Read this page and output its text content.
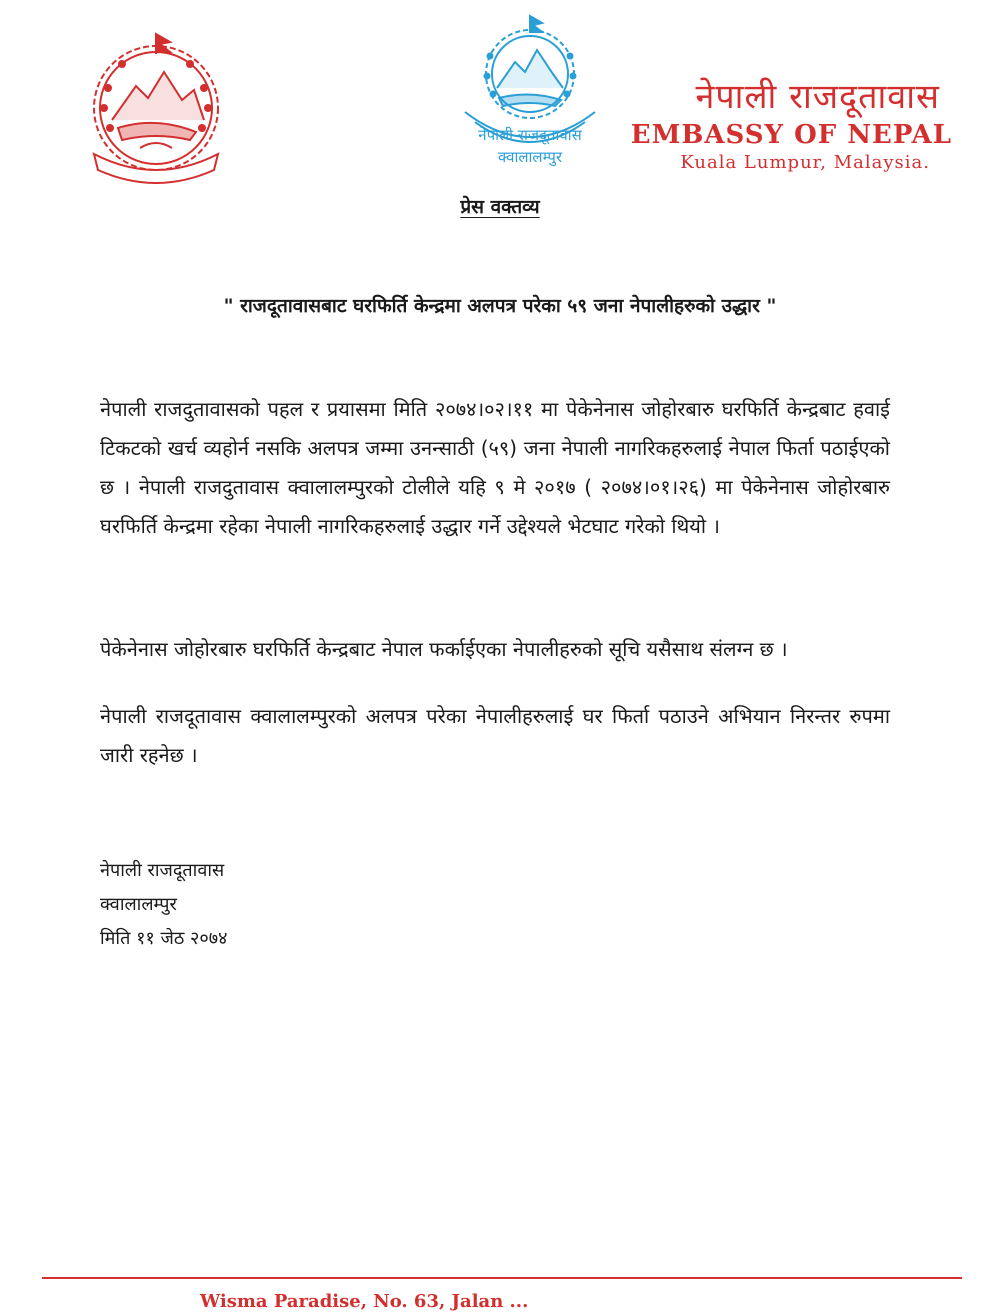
नेपाली राजदूतावास
क्वालालम्पुर
नेपाली राजदूतावास
EMBASSY OF NEPAL
Kuala Lumpur, Malaysia.
प्रेस वक्तव्य
" राजदूतावासबाट घरफिर्ति केन्द्रमा अलपत्र परेका ५९ जना नेपालीहरुको उद्धार "
नेपाली राजदुतावासको पहल र प्रयासमा मिति २०७४।०२।११ मा पेकेनेनास जोहोरबारु घरफिर्ति केन्द्रबाट हवाई टिकटको खर्च व्यहोर्न नसकि अलपत्र जम्मा उनन्साठी (५९) जना नेपाली नागरिकहरुलाई नेपाल फिर्ता पठाईएको छ । नेपाली राजदुतावास क्वालालम्पुरको टोलीले यहि ९ मे २०१७ ( २०७४।०१।२६) मा पेकेनेनास जोहोरबारु घरफिर्ति केन्द्रमा रहेका नेपाली नागरिकहरुलाई उद्धार गर्ने उद्देश्यले भेटघाट गरेको थियो ।
पेकेनेनास जोहोरबारु घरफिर्ति केन्द्रबाट नेपाल फर्काईएका नेपालीहरुको सूचि यसैसाथ संलग्न छ ।
नेपाली राजदूतावास क्वालालम्पुरको अलपत्र परेका नेपालीहरुलाई घर फिर्ता पठाउने अभियान निरन्तर रुपमा जारी रहनेछ ।
नेपाली राजदूतावास
क्वालालम्पुर
मिति ११ जेठ २०७४
Wisma Paradise, No. 63, Jalan ...
